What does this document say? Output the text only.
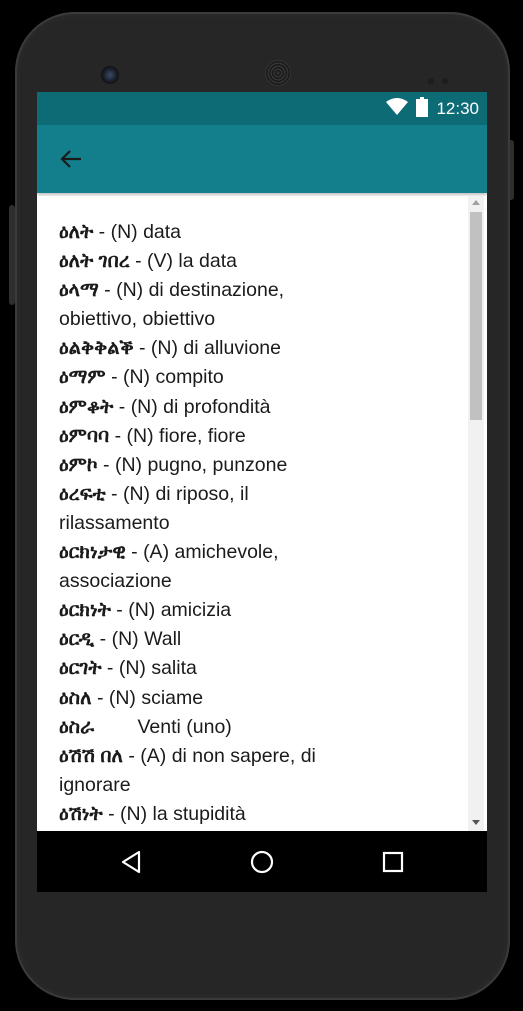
12:30
ዕለት - (N) data
ዕለት ገበረ - (V) la data
ዕላማ - (N) di destinazione, obiettivo, obiettivo
ዕልቅቅልቕ - (N) di alluvione
ዕማም - (N) compito
ዕምቆት - (N) di profondità
ዕምባባ - (N) fiore, fiore
ዕምኮ - (N) pugno, punzone
ዕረፍቲ - (N) di riposo, il rilassamento
ዕርክነታዊ - (A) amichevole, associazione
ዕርክነት - (N) amicizia
ዕርዲ - (N) Wall
ዕርገት - (N) salita
ዕስለ - (N) sciame
ዕስራ        Venti (uno)
ዕሽሽ በለ - (A) di non sapere, di ignorare
ዕሽነት - (N) la stupidità
